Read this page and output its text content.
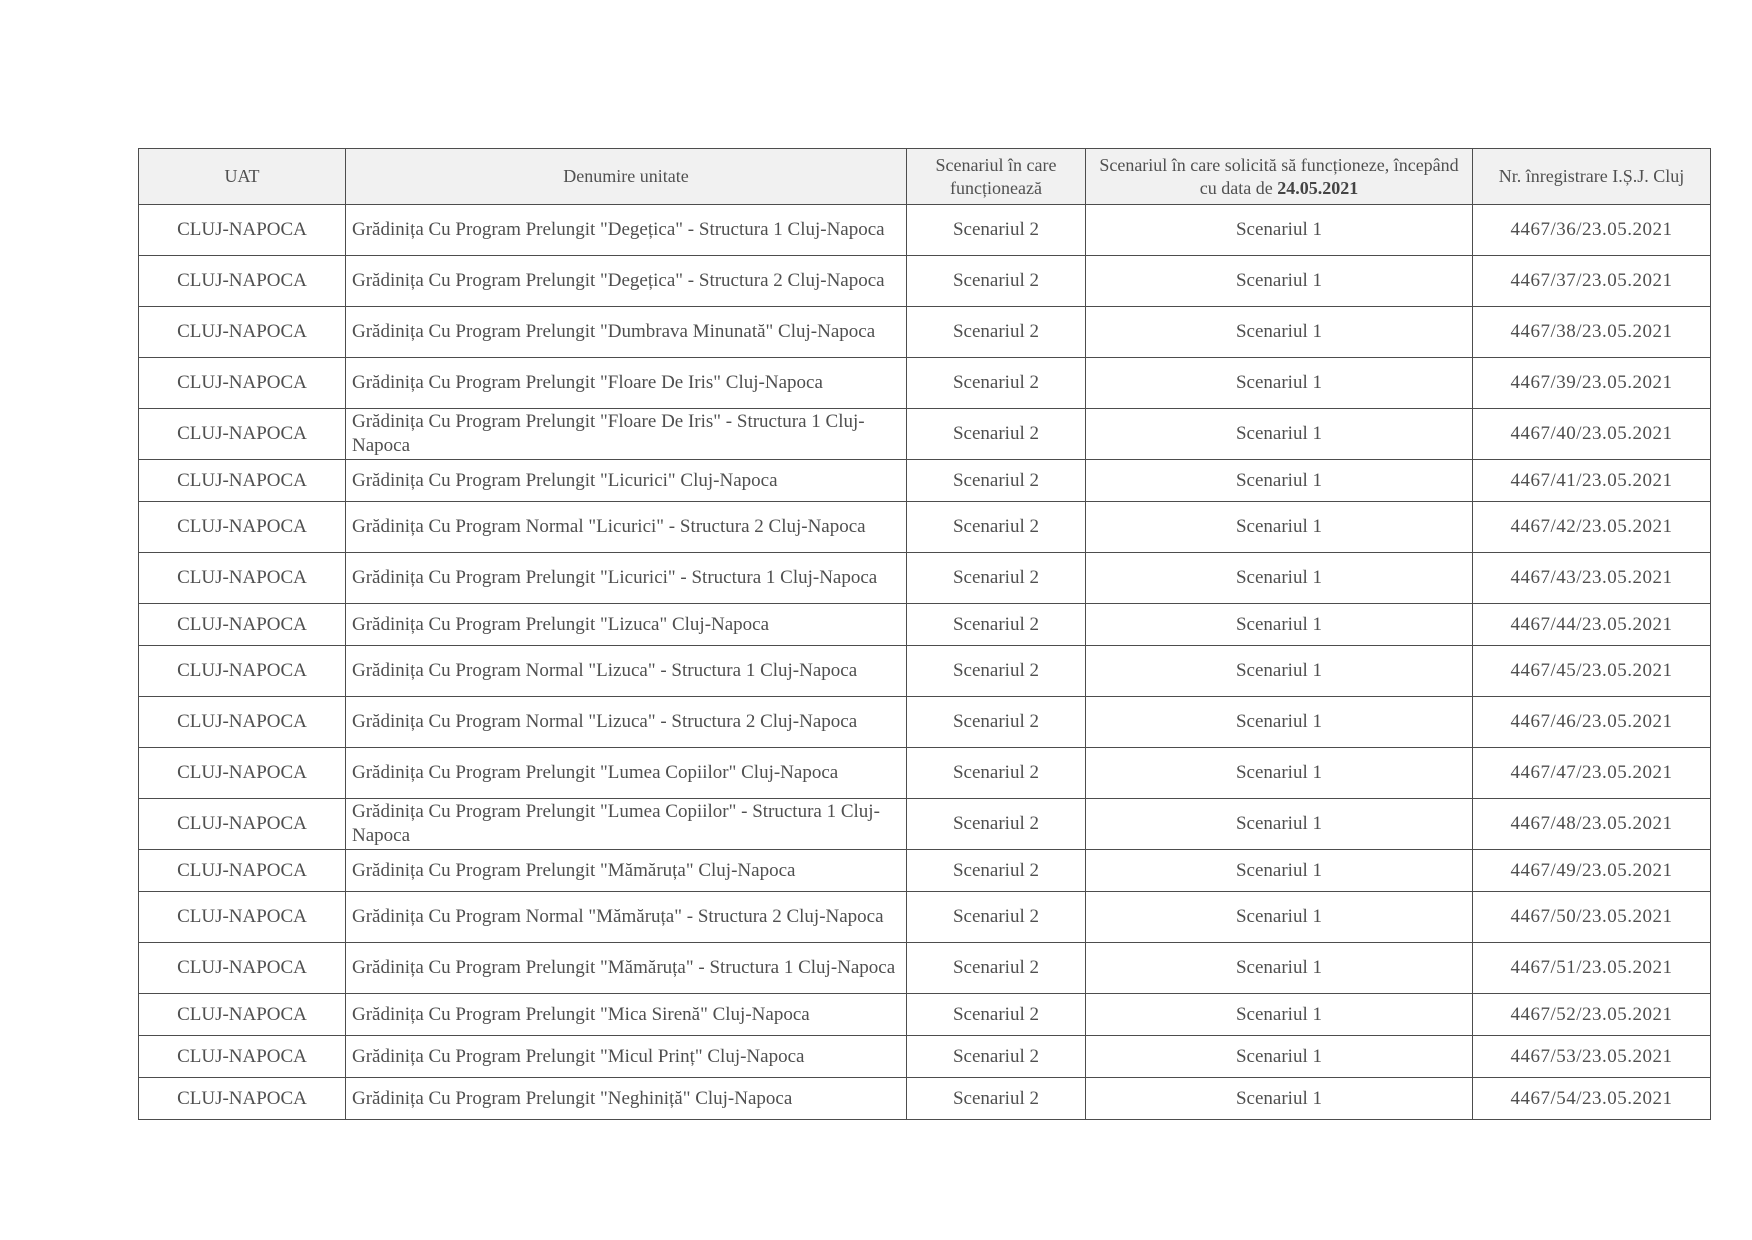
UAT	Denumire unitate	Scenariul în care funcționează	Scenariul în care solicită să funcționeze, începând cu data de 24.05.2021	Nr. înregistrare I.Ș.J. Cluj
CLUJ-NAPOCA	Grădinița Cu Program Prelungit "Degețica" - Structura 1 Cluj-Napoca	Scenariul 2	Scenariul 1	4467/36/23.05.2021
CLUJ-NAPOCA	Grădinița Cu Program Prelungit "Degețica" - Structura 2 Cluj-Napoca	Scenariul 2	Scenariul 1	4467/37/23.05.2021
CLUJ-NAPOCA	Grădinița Cu Program Prelungit "Dumbrava Minunată" Cluj-Napoca	Scenariul 2	Scenariul 1	4467/38/23.05.2021
CLUJ-NAPOCA	Grădinița Cu Program Prelungit "Floare De Iris" Cluj-Napoca	Scenariul 2	Scenariul 1	4467/39/23.05.2021
CLUJ-NAPOCA	Grădinița Cu Program Prelungit "Floare De Iris" - Structura 1 Cluj-Napoca	Scenariul 2	Scenariul 1	4467/40/23.05.2021
CLUJ-NAPOCA	Grădinița Cu Program Prelungit "Licurici" Cluj-Napoca	Scenariul 2	Scenariul 1	4467/41/23.05.2021
CLUJ-NAPOCA	Grădinița Cu Program Normal "Licurici" - Structura 2 Cluj-Napoca	Scenariul 2	Scenariul 1	4467/42/23.05.2021
CLUJ-NAPOCA	Grădinița Cu Program Prelungit "Licurici" - Structura 1 Cluj-Napoca	Scenariul 2	Scenariul 1	4467/43/23.05.2021
CLUJ-NAPOCA	Grădinița Cu Program Prelungit "Lizuca" Cluj-Napoca	Scenariul 2	Scenariul 1	4467/44/23.05.2021
CLUJ-NAPOCA	Grădinița Cu Program Normal "Lizuca" - Structura 1 Cluj-Napoca	Scenariul 2	Scenariul 1	4467/45/23.05.2021
CLUJ-NAPOCA	Grădinița Cu Program Normal "Lizuca" - Structura 2 Cluj-Napoca	Scenariul 2	Scenariul 1	4467/46/23.05.2021
CLUJ-NAPOCA	Grădinița Cu Program Prelungit "Lumea Copiilor" Cluj-Napoca	Scenariul 2	Scenariul 1	4467/47/23.05.2021
CLUJ-NAPOCA	Grădinița Cu Program Prelungit "Lumea Copiilor" - Structura 1 Cluj-Napoca	Scenariul 2	Scenariul 1	4467/48/23.05.2021
CLUJ-NAPOCA	Grădinița Cu Program Prelungit "Mămăruța" Cluj-Napoca	Scenariul 2	Scenariul 1	4467/49/23.05.2021
CLUJ-NAPOCA	Grădinița Cu Program Normal "Mămăruța" - Structura 2 Cluj-Napoca	Scenariul 2	Scenariul 1	4467/50/23.05.2021
CLUJ-NAPOCA	Grădinița Cu Program Prelungit "Mămăruța" - Structura 1 Cluj-Napoca	Scenariul 2	Scenariul 1	4467/51/23.05.2021
CLUJ-NAPOCA	Grădinița Cu Program Prelungit "Mica Sirenă" Cluj-Napoca	Scenariul 2	Scenariul 1	4467/52/23.05.2021
CLUJ-NAPOCA	Grădinița Cu Program Prelungit "Micul Prinț" Cluj-Napoca	Scenariul 2	Scenariul 1	4467/53/23.05.2021
CLUJ-NAPOCA	Grădinița Cu Program Prelungit "Neghiniță" Cluj-Napoca	Scenariul 2	Scenariul 1	4467/54/23.05.2021
